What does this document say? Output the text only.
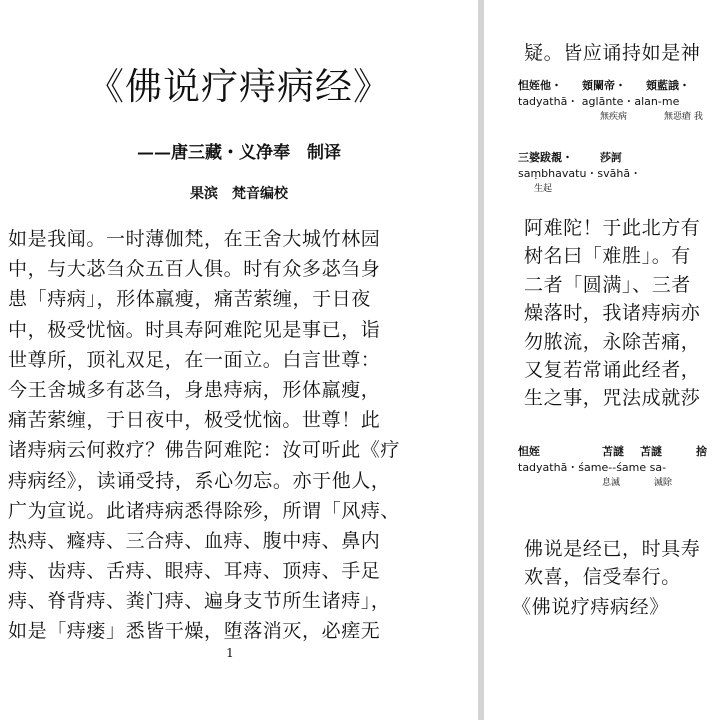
《佛说疗痔病经》
——唐三藏・义净奉　制译
果滨　梵音编校
如是我闻。一时薄伽梵，在王舍大城竹林园
中，与大苾刍众五百人俱。时有众多苾刍身
患「痔病」，形体羸瘦，痛苦萦缠，于日夜
中，极受忧恼。时具寿阿难陀见是事已，诣
世尊所，顶礼双足，在一面立。白言世尊：
今王舍城多有苾刍，身患痔病，形体羸瘦，
痛苦萦缠，于日夜中，极受忧恼。世尊！此
诸痔病云何救疗？佛告阿难陀：汝可听此《疗
痔病经》，读诵受持，系心勿忘。亦于他人，
广为宣说。此诸痔病悉得除殄，所谓「风痔、
热痔、癃痔、三合痔、血痔、腹中痔、鼻内
痔、齿痔、舌痔、眼痔、耳痔、顶痔、手足
痔、脊背痔、粪门痔、遍身支节所生诸痔」，
如是「痔瘘」悉皆干燥，堕落消灭，必瘥无
1
疑。皆应诵持如是神
怛姪他・ 頞闌帝・ 頞藍誐・
tadyathā・ aglānte・alan-me
無疾病	無惡瘡 我
三婆跋覩・ 莎訶
saṃbhavatu・svāhā・
生起
阿难陀！于此北方有
树名曰「难胜」。有
二者「圆满」、三者
燥落时，我诸痔病亦
勿脓流，永除苦痛，
又复若常诵此经者，
生之事，咒法成就莎
怛姪	苫謎 苫謎	捨
tadyathā・śame--śame sa-
息滅	滅除
佛说是经已，时具寿
欢喜，信受奉行。
《佛说疗痔病经》
